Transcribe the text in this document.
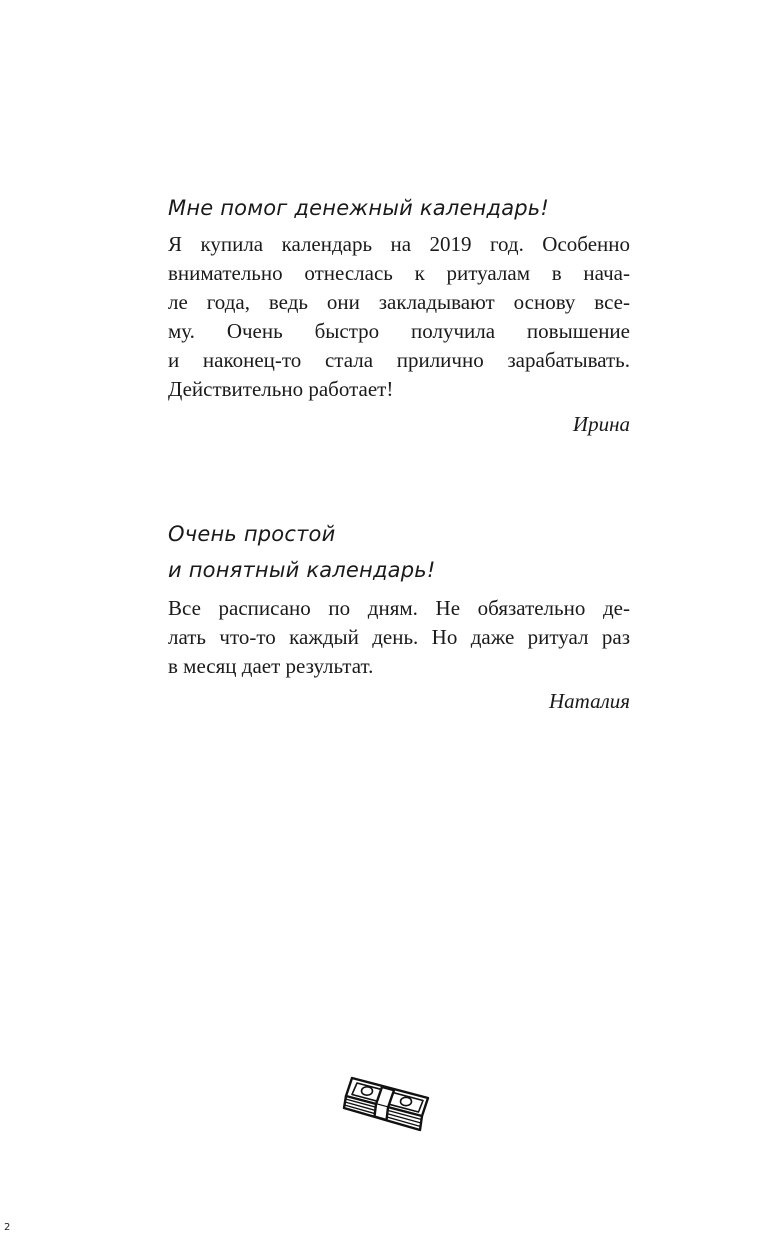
Мне помог денежный календарь!
Я купила календарь на 2019 год. Особенно
внимательно отнеслась к ритуалам в нача-
ле года, ведь они закладывают основу все-
му. Очень быстро получила повышение
и наконец-то стала прилично зарабатывать.
Действительно работает!
Ирина
Очень простой
и понятный календарь!
Все расписано по дням. Не обязательно де-
лать что-то каждый день. Но даже ритуал раз
в месяц дает результат.
Наталия
2
